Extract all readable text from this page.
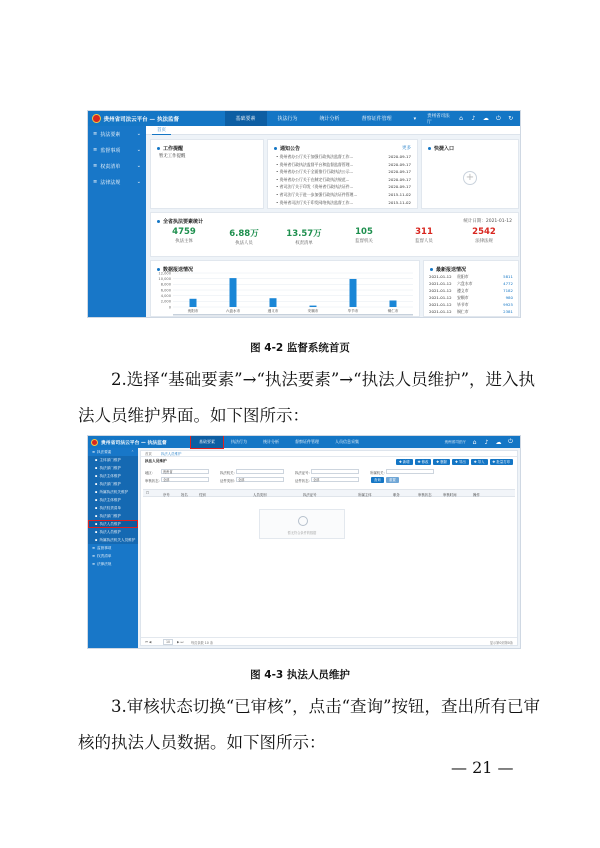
贵州省司法云平台 — 执法监督	基础要素	执法行为	统计分析	督察证件管理	▾	贵州省司法厅	⌂ ♪ ☁ ⏻ ↻
≡ 执法要素	⌄
≡ 监督事项	⌄
≡ 权责清单	⌄
≡ 法律法规	⌄
首页
工作提醒
暂无工作提醒
通知公告	更多
• 贵州省办公厅关于加强行政执法监督工作...	2020-09-17
• 贵州省行政执法监督平台和监督监督管理...	2020-09-17
• 贵州省办公厅关于全面推行行政执法公示...	2020-09-17
• 贵州省办公厅关于在制定行政执法规范...	2020-09-17
• 省司法厅关于印发《贵州省行政执法证件...	2020-09-17
• 省司法厅关于进一步加强行政执法证件管理...	2015-11-02
• 贵州省司法厅关于印发网络执法监督工作...	2015-11-02
快捷入口
+
全省执法要素统计	统计日期：2021-01-12
4759
执法主体
6.88万
执法人员
13.57万
权责清单
105
监督机关
311
监督人员
2542
法律法规
数据报送情况
12,000
10,000
8,000
6,000
4,000
2,000
0
贵阳市	六盘水市	遵义市	安顺市	毕节市	铜仁市
最新报送情况
2021-01-12	贵阳市	5811
2021-01-12	六盘水市	4772
2021-01-12	遵义市	7182
2021-01-12	安顺市	980
2021-01-12	毕节市	9925
2021-01-12	铜仁市	2381
图 4-2 监督系统首页

2.选择“基础要素”→“执法要素”→“执法人员维护”，进入执法人员维护界面。如下图所示：

贵州省司法云平台 — 执法监督	基础要素	执法行为	统计分析	督察证件管理	人员信息采集	贵州省司法厅 ⌂ ♪ ☁ ⏻
≡ 执法要素	⌃
▪ 主体部门维护
▪ 执法部门维护
▪ 执法主体维护
▪ 执法部门维护
▪ 所属执法机关维护
▪ 执法主体维护
▪ 执法权责清单
▪ 执法部门维护
▪ 执法人员维护
▪ 执法人员维护
▪ 所属执法机关人员维护
≡ 监督事项
≡ 权责清单
≡ 法律法规
首页	执法人员维护
执法人员维护	✚ 新增	✚ 修改	✚ 删除	✚ 导出	✚ 导入	✚ 批量打印
地区：	贵州省	执法机关：	执法证号：	所属机关：
审核状态： 全部	证件类别： 全部	证件状态： 全部	查询	重置
☐	序号	姓名	性别	人员类别	执法证号	所属主体	职务	审核状态	审核时间	操作
暂无符合条件的数据
⏮ ◀	10	▶ ⏭ 每页条数 10 条	显示第0到第0条
图 4-3 执法人员维护

3.审核状态切换“已审核”，点击“查询”按钮，查出所有已审核的执法人员数据。如下图所示：

— 21 —
